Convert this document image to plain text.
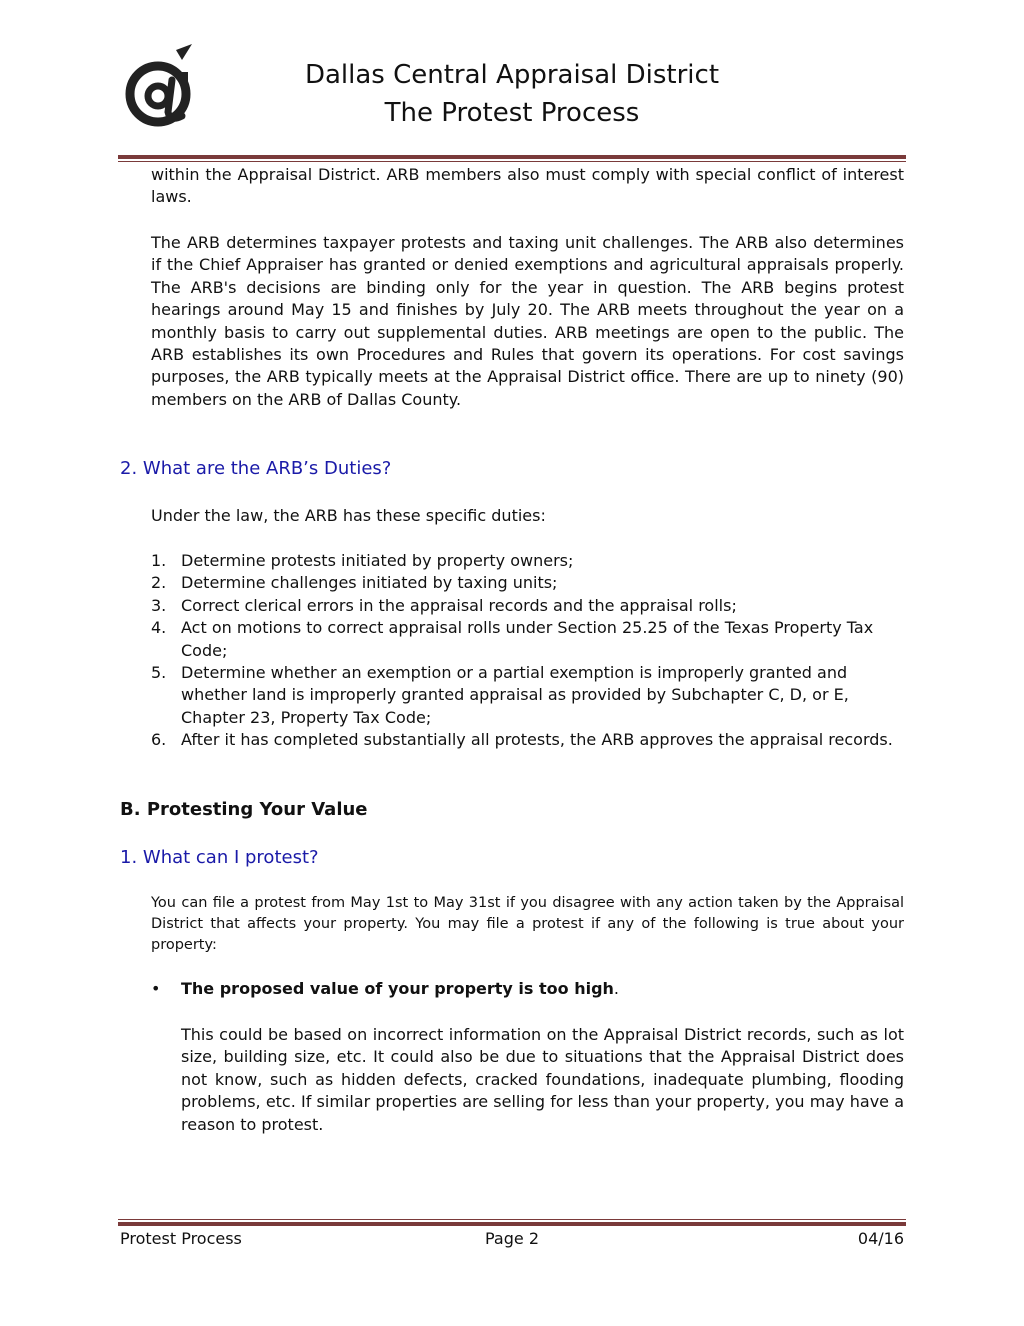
Dallas Central Appraisal District
The Protest Process

within the Appraisal District. ARB members also must comply with special conflict of interest laws.

The ARB determines taxpayer protests and taxing unit challenges. The ARB also determines if the Chief Appraiser has granted or denied exemptions and agricultural appraisals properly. The ARB's decisions are binding only for the year in question. The ARB begins protest hearings around May 15 and finishes by July 20. The ARB meets throughout the year on a monthly basis to carry out supplemental duties. ARB meetings are open to the public. The ARB establishes its own Procedures and Rules that govern its operations. For cost savings purposes, the ARB typically meets at the Appraisal District office. There are up to ninety (90) members on the ARB of Dallas County.

2. What are the ARB’s Duties?

Under the law, the ARB has these specific duties:

1. Determine protests initiated by property owners;
2. Determine challenges initiated by taxing units;
3. Correct clerical errors in the appraisal records and the appraisal rolls;
4. Act on motions to correct appraisal rolls under Section 25.25 of the Texas Property Tax Code;
5. Determine whether an exemption or a partial exemption is improperly granted and whether land is improperly granted appraisal as provided by Subchapter C, D, or E, Chapter 23, Property Tax Code;
6. After it has completed substantially all protests, the ARB approves the appraisal records.
B. Protesting Your Value
1. What can I protest?

You can file a protest from May 1st to May 31st if you disagree with any action taken by the Appraisal District that affects your property. You may file a protest if any of the following is true about your property:

• The proposed value of your property is too high.

This could be based on incorrect information on the Appraisal District records, such as lot size, building size, etc. It could also be due to situations that the Appraisal District does not know, such as hidden defects, cracked foundations, inadequate plumbing, flooding problems, etc. If similar properties are selling for less than your property, you may have a reason to protest.

Protest Process	Page 2	04/16
